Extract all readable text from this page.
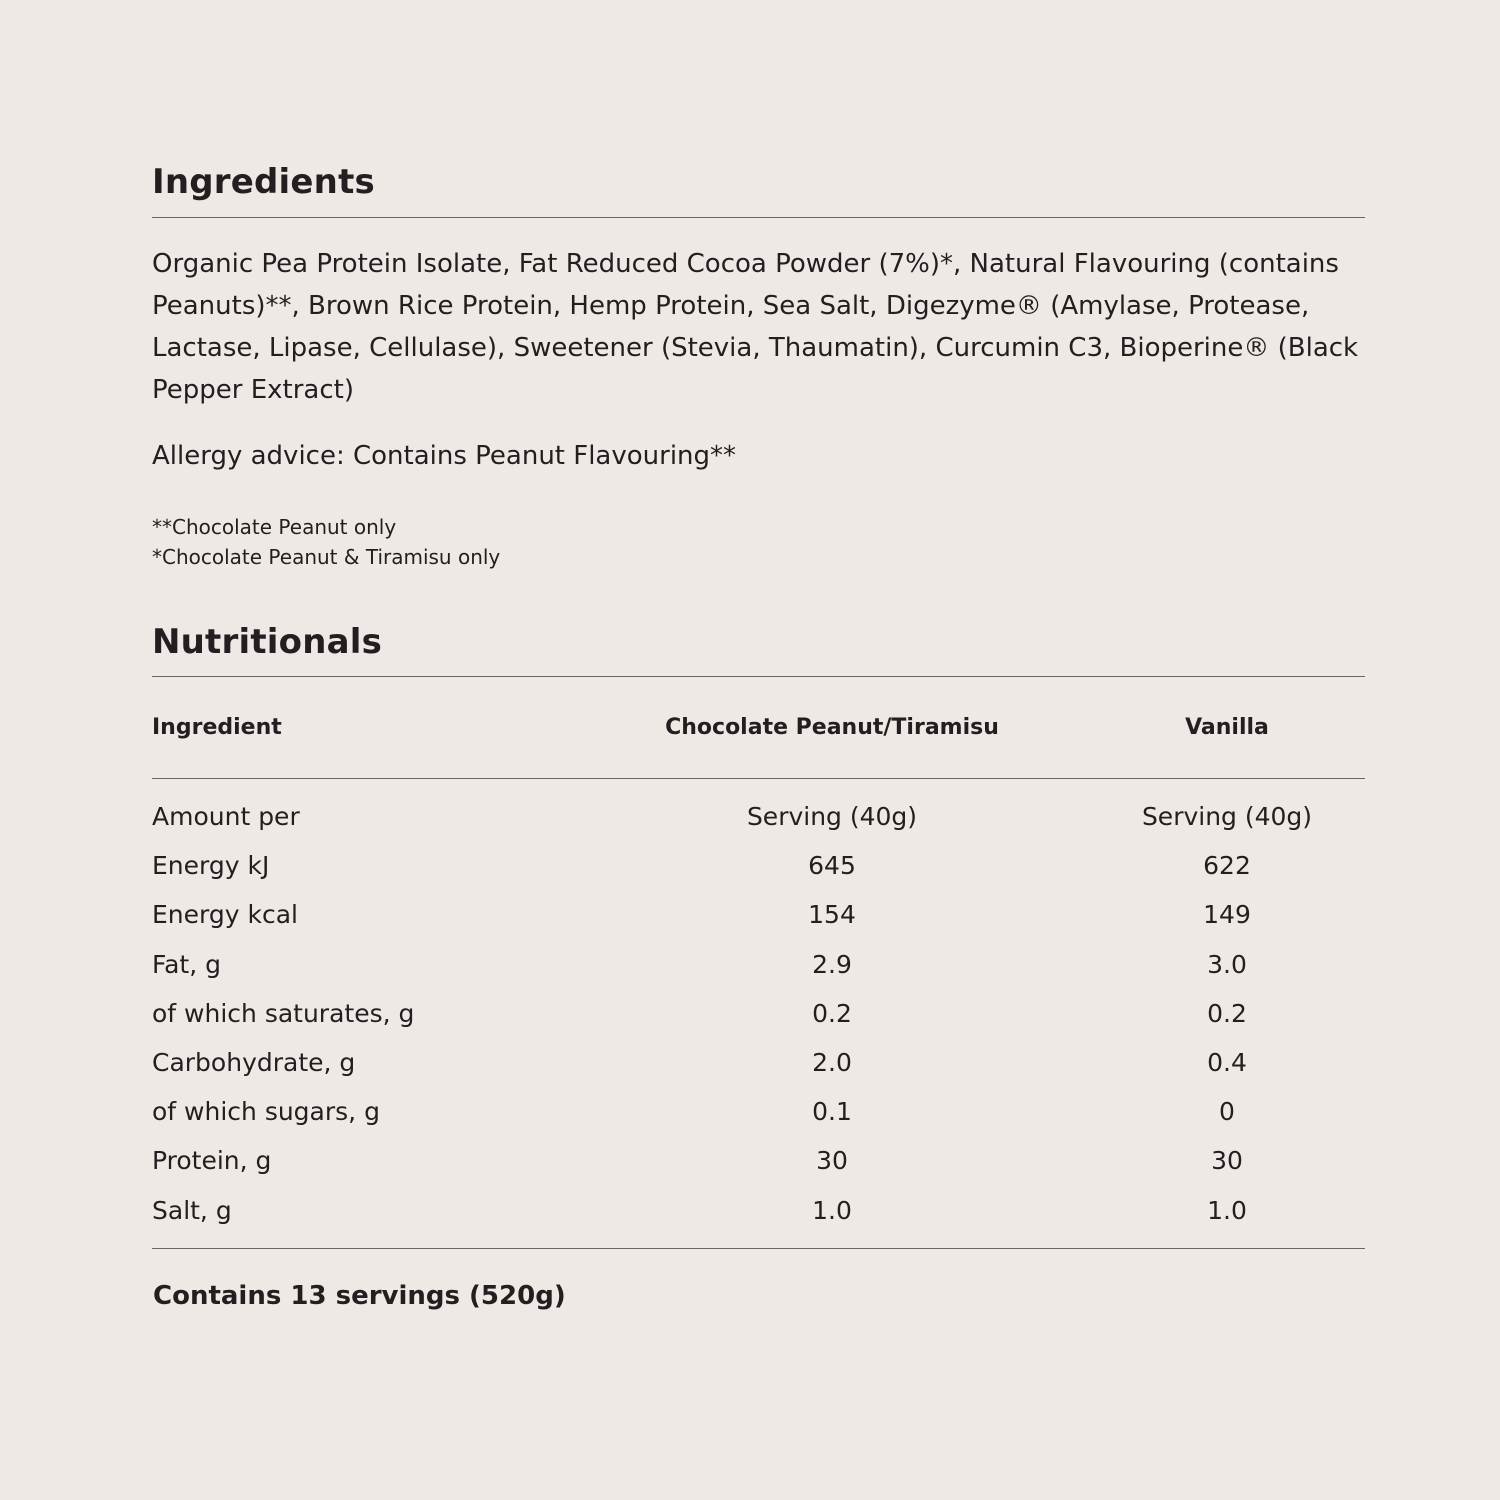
Ingredients

Organic Pea Protein Isolate, Fat Reduced Cocoa Powder (7%)*, Natural Flavouring (contains Peanuts)**, Brown Rice Protein, Hemp Protein, Sea Salt, Digezyme® (Amylase, Protease, Lactase, Lipase, Cellulase), Sweetener (Stevia, Thaumatin), Curcumin C3, Bioperine® (Black Pepper Extract)

Allergy advice: Contains Peanut Flavouring**

**Chocolate Peanut only
*Chocolate Peanut & Tiramisu only
Nutritionals
Ingredient	Chocolate Peanut/Tiramisu	Vanilla
Amount per	Serving (40g)	Serving (40g)
Energy kJ	645	622
Energy kcal	154	149
Fat, g	2.9	3.0
of which saturates, g	0.2	0.2
Carbohydrate, g	2.0	0.4
of which sugars, g	0.1	0
Protein, g	30	30
Salt, g	1.0	1.0
Contains 13 servings (520g)
